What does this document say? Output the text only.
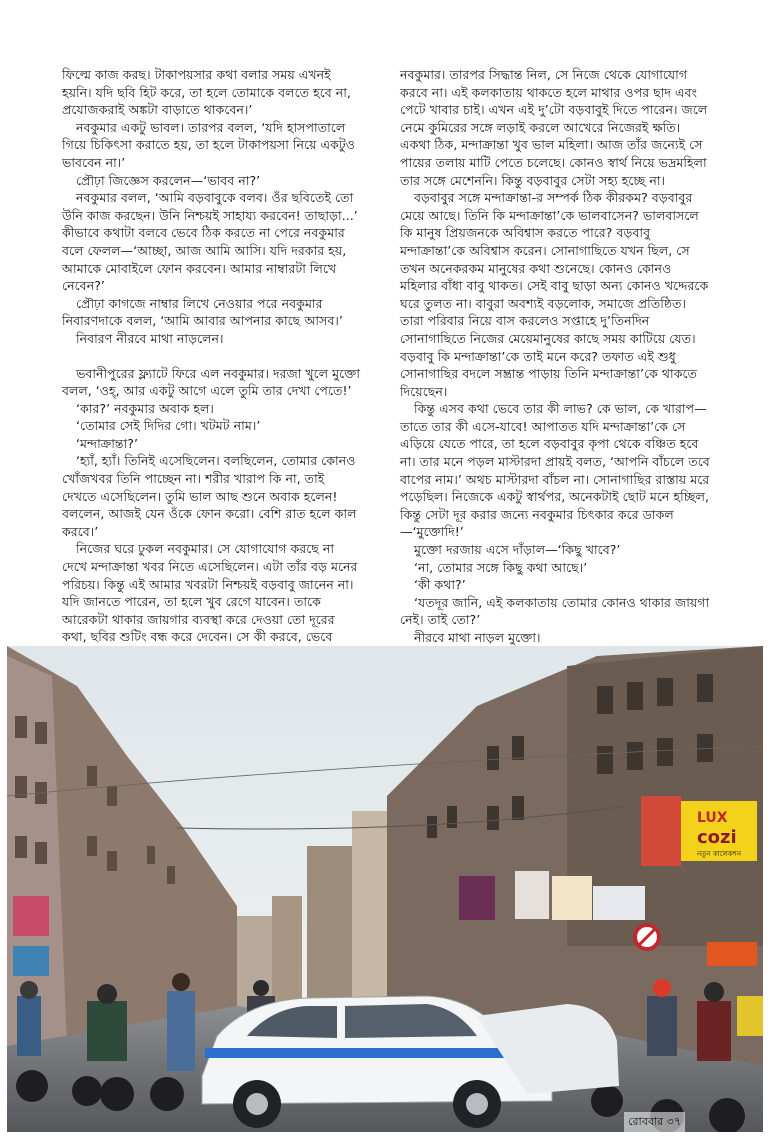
ফিল্মে কাজ করছ। টাকাপয়সার কথা বলার সময় এখনই হয়নি। যদি ছবি হিট করে, তা হলে তোমাকে বলতে হবে না, প্রযোজকরাই অঙ্কটা বাড়াতে থাকবেন।’

নবকুমার একটু ভাবল। তারপর বলল, ‘যদি হাসপাতালে গিয়ে চিকিৎসা করাতে হয়, তা হলে টাকাপয়সা নিয়ে একটুও ভাববেন না।’

প্রৌঢ়া জিজ্ঞেস করলেন—‘ভাবব না?’

নবকুমার বলল, ‘আমি বড়বাবুকে বলব। ওঁর ছবিতেই তো উনি কাজ করছেন। উনি নিশ্চয়ই সাহায্য করবেন! তাছাড়া...’ কীভাবে কথাটা বলবে ভেবে ঠিক করতে না পেরে নবকুমার বলে ফেলল—‘আচ্ছা, আজ আমি আসি। যদি দরকার হয়, আমাকে মোবাইলে ফোন করবেন। আমার নাম্বারটা লিখে নেবেন?’

প্রৌঢ়া কাগজে নাম্বার লিখে নেওয়ার পরে নবকুমার নিবারণদাকে বলল, ‘আমি আবার আপনার কাছে আসব।’

নিবারণ নীরবে মাথা নাড়লেন।

ভবানীপুরের ফ্ল্যাটে ফিরে এল নবকুমার। দরজা খুলে মুক্তো বলল, ‘ওহ্, আর একটু আগে এলে তুমি তার দেখা পেতে!’

‘কার?’ নবকুমার অবাক হল।

‘তোমার সেই দিদির গো। খটমট নাম।’

‘মন্দাক্রান্তা?’

‘হ্যাঁ, হ্যাঁ। তিনিই এসেছিলেন। বলছিলেন, তোমার কোনও খোঁজখবর তিনি পাচ্ছেন না। শরীর খারাপ কি না, তাই দেখতে এসেছিলেন। তুমি ভাল আছ শুনে অবাক হলেন! বললেন, আজই যেন ওঁকে ফোন করো। বেশি রাত হলে কাল করবে।’

নিজের ঘরে ঢুকল নবকুমার। সে যোগাযোগ করছে না দেখে মন্দাক্রান্তা খবর নিতে এসেছিলেন। এটা তাঁর বড় মনের পরিচয়। কিন্তু এই আমার খবরটা নিশ্চয়ই বড়বাবু জানেন না। যদি জানতে পারেন, তা হলে খুব রেগে যাবেন। তাকে আরেকটা থাকার জায়গার ব্যবস্থা করে দেওয়া তো দূরের কথা, ছবির শুটিং বন্ধ করে দেবেন। সে কী করবে, ভেবে

নবকুমার। তারপর সিদ্ধান্ত নিল, সে নিজে থেকে যোগাযোগ করবে না। এই কলকাতায় থাকতে হলে মাথার ওপর ছাদ এবং পেটে খাবার চাই। এখন এই দু’টো বড়বাবুই দিতে পারেন। জলে নেমে কুমিরের সঙ্গে লড়াই করলে আখেরে নিজেরই ক্ষতি। একথা ঠিক, মন্দাক্রান্তা খুব ভাল মহিলা। আজ তাঁর জন্যেই সে পায়ের তলায় মাটি পেতে চলেছে। কোনও স্বার্থ নিয়ে ভদ্রমহিলা তার সঙ্গে মেশেননি। কিন্তু বড়বাবুর সেটা সহ্য হচ্ছে না।

বড়বাবুর সঙ্গে মন্দাক্রান্তা-র সম্পর্ক ঠিক কীরকম? বড়বাবুর মেয়ে আছে। তিনি কি মন্দাক্রান্তা’কে ভালবাসেন? ভালবাসলে কি মানুষ প্রিয়জনকে অবিশ্বাস করতে পারে? বড়বাবু মন্দাক্রান্তা’কে অবিশ্বাস করেন। সোনাগাছিতে যখন ছিল, সে তখন অনেকরকম মানুষের কথা শুনেছে। কোনও কোনও মহিলার বাঁধা বাবু থাকত। সেই বাবু ছাড়া অন্য কোনও খদ্দেরকে ঘরে তুলত না। বাবুরা অবশ্যই বড়লোক, সমাজে প্রতিষ্ঠিত। তারা পরিবার নিয়ে বাস করলেও সপ্তাহে দু’তিনদিন সোনাগাছিতে নিজের মেয়েমানুষের কাছে সময় কাটিয়ে যেত। বড়বাবু কি মন্দাক্রান্তা’কে তাই মনে করে? তফাত এই শুধু সোনাগাছির বদলে সম্ভ্রান্ত পাড়ায় তিনি মন্দাক্রান্তা’কে থাকতে দিয়েছেন।

কিন্তু এসব কথা ভেবে তার কী লাভ? কে ভাল, কে খারাপ—তাতে তার কী এসে-যাবে! আপাতত যদি মন্দাক্রান্তা’কে সে এড়িয়ে যেতে পারে, তা হলে বড়বাবুর কৃপা থেকে বঞ্চিত হবে না। তার মনে পড়ল মাস্টারদা প্রায়ই বলত, ‘আপনি বাঁচলে তবে বাপের নাম।’ অথচ মাস্টারদা বাঁচল না। সোনাগাছির রাস্তায় মরে পড়েছিল। নিজেকে একটু স্বার্থপর, অনেকটাই ছোট মনে হচ্ছিল, কিন্তু সেটা দূর করার জন্যে নবকুমার চিৎকার করে ডাকল—‘মুক্তোদি!’

মুক্তো দরজায় এসে দাঁড়াল—‘কিছু খাবে?’

‘না, তোমার সঙ্গে কিছু কথা আছে।’

‘কী কথা?’

‘যতদূর জানি, এই কলকাতায় তোমার কোনও থাকার জায়গা নেই। তাই তো?’

নীরবে মাথা নাড়ল মুক্তো।

LUX
cozi
নতুন কালেকশন
রোববার ৩৭
